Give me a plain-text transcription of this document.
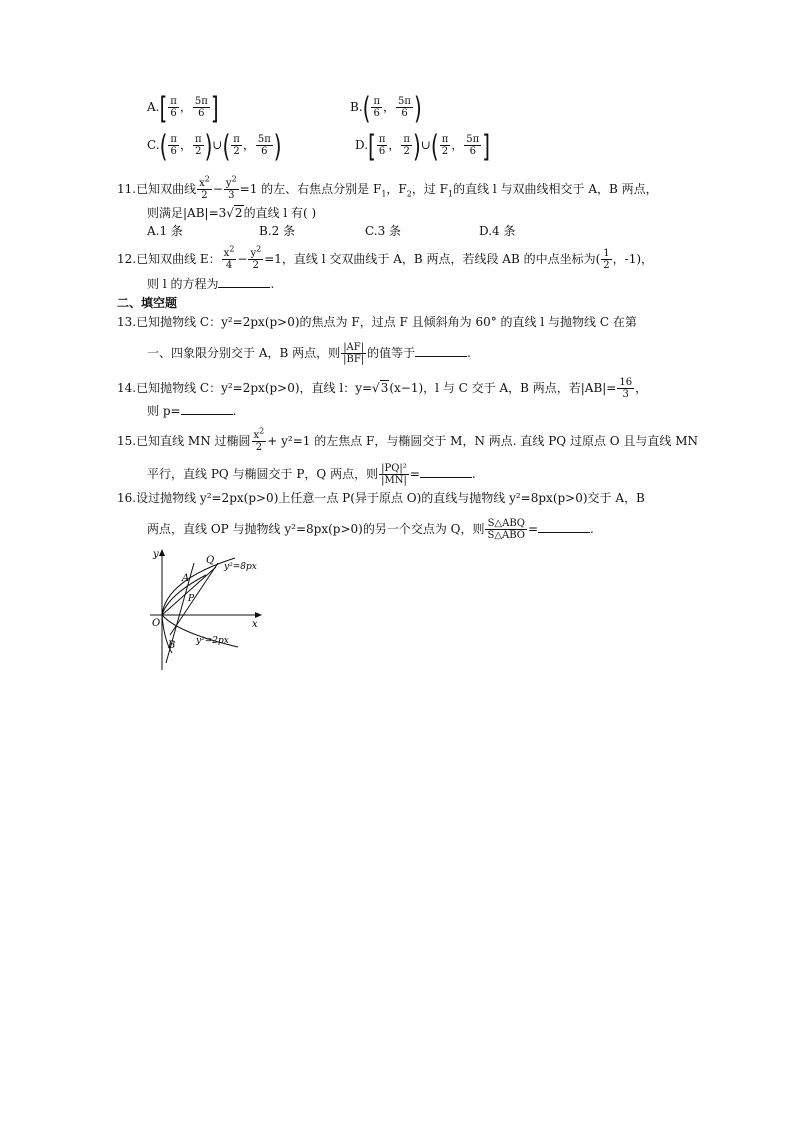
$A.[ \frac{\pi}{6}$ ， $\frac{5\pi}{6}$ ]	$B.( \frac{\pi}{6}$ ， $\frac{5\pi}{6}$ )
$C.( \frac{\pi}{6}$ ， $\frac{\pi}{2}$ )∪( $\frac{\pi}{2}$ ， $\frac{5\pi}{6}$ )	$D.[ \frac{\pi}{6}$ ， $\frac{\pi}{2}$ )∪( $\frac{\pi}{2}$ ， $\frac{5\pi}{6}$ ]
11.已知双曲线 $\frac{x^2}{2} - \frac{y^2}{3} =1$ 的左、右焦点分别是 $F_1$，$F_2$，过 $F_1$的直线 l 与双曲线相交于 A，B 两点，
则满足|AB|=3√2的直线 l 有( )
A.1 条	B.2 条	C.3 条	D.4 条
12.已知双曲线 E： $\frac{x^2}{4} - \frac{y^2}{2} =1$，直线 l 交双曲线于 A，B 两点，若线段 AB 的中点坐标为( $\frac{1}{2}$ ，-1)，
则 l 的方程为	.
二、填空题
13.已知抛物线 C：y²=2px(p>0)的焦点为 F，过点 F 且倾斜角为 60° 的直线 l 与抛物线 C 在第
一、四象限分别交于 A，B 两点，则 $\frac{|AF|}{|BF|}$ 的值等于	.
14.已知抛物线 C：y²=2px(p>0)，直线 l：y=√3(x−1)，l 与 C 交于 A，B 两点，若$|AB|= \frac{16}{3}$ ，
则 p=	.
15.已知直线 MN 过椭圆 $\frac{x^2}{2} + y^2=1$ 的左焦点 F，与椭圆交于 M，N 两点. 直线 PQ 过原点 O 且与直线 MN
平行，直线 PQ 与椭圆交于 P，Q 两点，则 $\frac{\text{|PQ|²}}{|MN|}$ =	.
16.设过抛物线 y²=2px(p>0)上任意一点 P(异于原点 O)的直线与抛物线 y²=8px(p>0)交于 A，B
两点，直线 OP 与抛物线 y²=8px(p>0)的另一个交点为 Q，则 $\frac{\text{S△ABQ}}{\text{S△ABO}}$ =	.
y
x
O
A
B
P
Q
y²=8px
y²=2px
